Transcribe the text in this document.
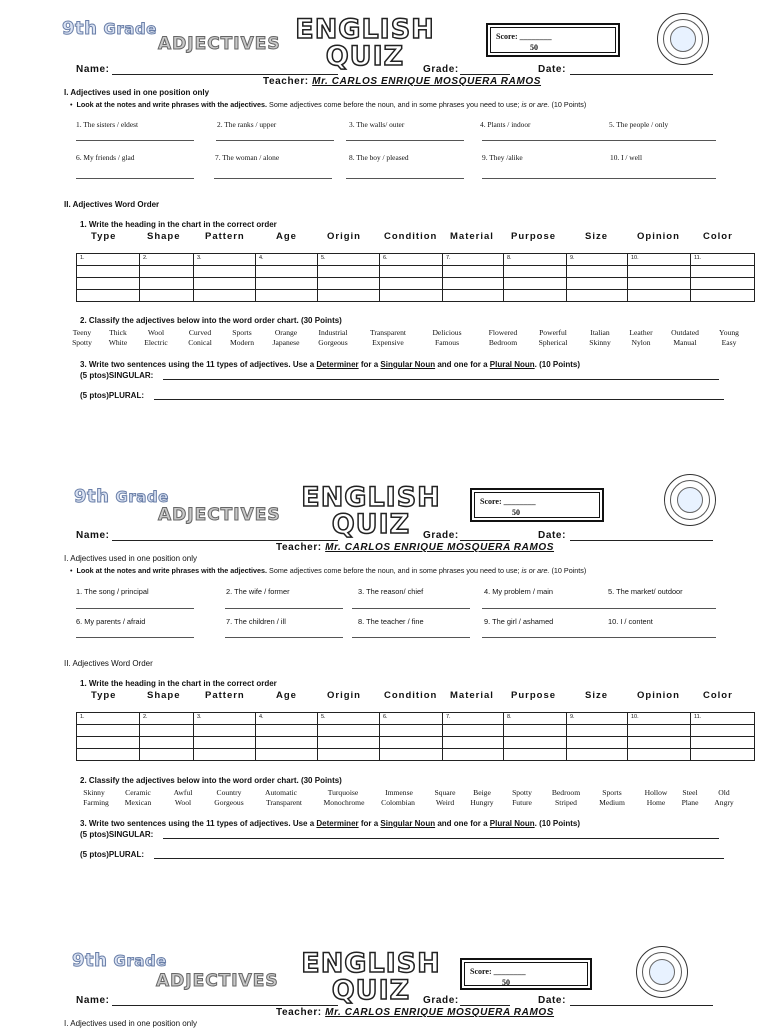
9th Grade
ADJECTIVES ENGLISH
QUIZ
Score: ________
50
Name:	Grade:	Date:
Teacher: Mr. CARLOS ENRIQUE MOSQUERA RAMOS
I. Adjectives used in one position only
•  Look at the notes and write phrases with the adjectives. Some adjectives come before the noun, and in some phrases you need to use; is or are. (10 Points)
1. The sisters / eldest	2. The ranks / upper	3. The walls/ outer	4. Plants / indoor	5. The people / only
6. My friends / glad	7. The woman / alone	8. The boy / pleased	9. They /alike	10. I / well
II. Adjectives Word Order
1. Write the heading in the chart in the correct order
Type	Shape	Pattern	Age	Origin Condition Material Purpose	Size	Opinion Color
1.	2.	3.	4.	5.	6.	7.	8.	9.	10.	11.

2. Classify the adjectives below into the word order chart. (30 Points)
Teeny	Thick	Wool	Curved	Sports	Orange	Industrial	Transparent	Delicious	Flowered	Powerful	Italian	Leather	Outdated	Young
Spotty	White	Electric	Conical	Modern	Japanese	Gorgeous	Expensive	Famous	Bedroom	Spherical	Skinny	Nylon	Manual	Easy
3. Write two sentences using the 11 types of adjectives. Use a Determiner for a Singular Noun and one for a Plural Noun. (10 Points)
(5 ptos)SINGULAR:
(5 ptos)PLURAL:
9th Grade
ADJECTIVES
ENGLISH
QUIZ
Score: ________
50
Name:	Grade:	Date:
Teacher: Mr. CARLOS ENRIQUE MOSQUERA RAMOS
I. Adjectives used in one position only
•  Look at the notes and write phrases with the adjectives. Some adjectives come before the noun, and in some phrases you need to use; is or are. (10 Points)
1. The song / principal	2. The wife / former	3. The reason/ chief	4. My problem / main	5. The market/ outdoor
6. My parents / afraid	7. The children / ill	8. The teacher / fine	9. The girl / ashamed	10. I / content
II. Adjectives Word Order
1. Write the heading in the chart in the correct order
Type	Shape	Pattern	Age	Origin Condition Material Purpose	Size	Opinion Color
1.	2.	3.	4.	5.	6.	7.	8.	9.	10.	11.

2. Classify the adjectives below into the word order chart. (30 Points)
Skinny	Ceramic	Awful	Country	Automatic	Turquoise	Immense	Square	Beige	Spotty	Bedroom	Sports	Hollow	Steel	Old
Farming	Mexican	Wool	Gorgeous	Transparent	Monochrome	Colombian	Weird	Hungry	Future	Striped	Medium	Home	Plane	Angry
3. Write two sentences using the 11 types of adjectives. Use a Determiner for a Singular Noun and one for a Plural Noun. (10 Points)
(5 ptos)SINGULAR:
(5 ptos)PLURAL:
9th Grade
ADJECTIVES
ENGLISH
QUIZ
Score: ________
50
Name:	Grade:	Date:
Teacher: Mr. CARLOS ENRIQUE MOSQUERA RAMOS
I. Adjectives used in one position only
